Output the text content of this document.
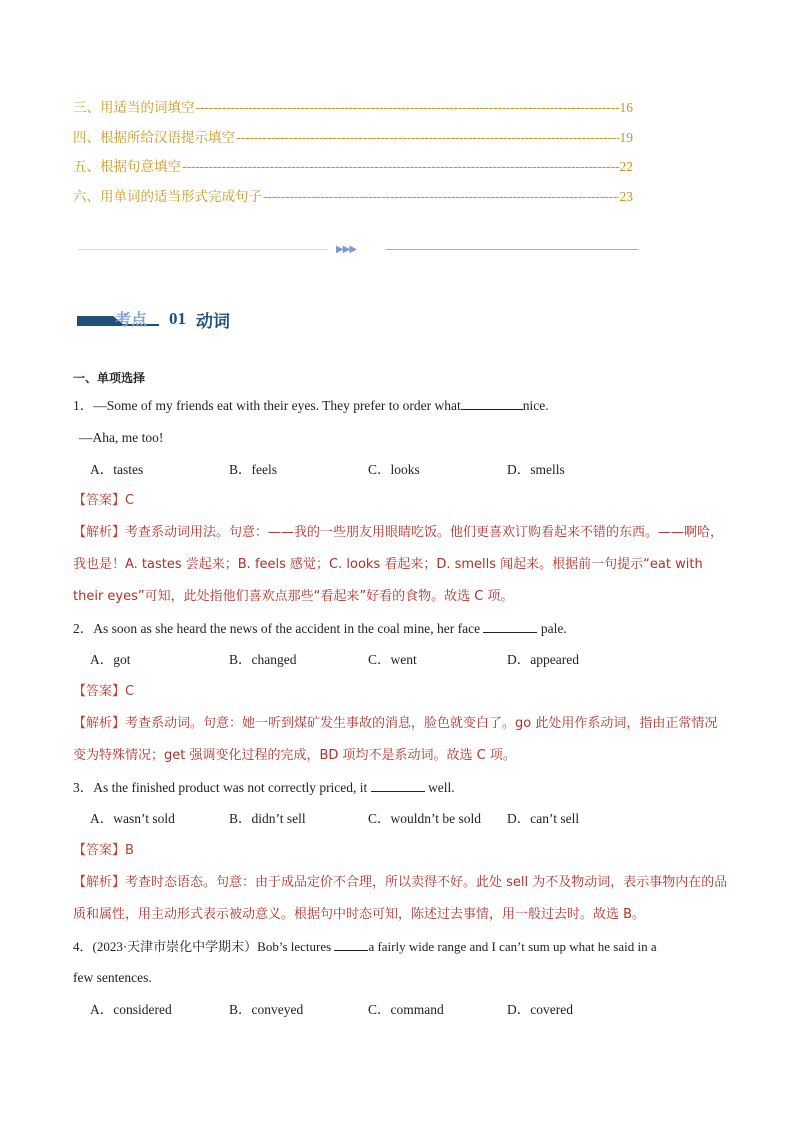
三、用适当的词填空 -----	16
四、根据所给汉语提示填空 -----	19
五、根据句意填空 -----	22
六、用单词的适当形式完成句子 -----	23
▶▶▶
考点 01 动词
一、单项选择
1．—Some of my friends eat with their eyes. They prefer to order what	nice.
—Aha, me too!
A．tastes	B．feels	C．looks	D．smells
【答案】C
【解析】考查系动词用法。句意：——我的一些朋友用眼睛吃饭。他们更喜欢订购看起来不错的东西。——啊哈，我也是！A. tastes 尝起来；B. feels 感觉；C. looks 看起来；D. smells 闻起来。根据前一句提示“eat with their eyes”可知，此处指他们喜欢点那些“看起来”好看的食物。故选 C 项。
2．As soon as she heard the news of the accident in the coal mine, her face	pale.
A．got	B．changed	C．went	D．appeared
【答案】C
【解析】考查系动词。句意：她一听到煤矿发生事故的消息，脸色就变白了。go 此处用作系动词，指由正常情况变为特殊情况；get 强调变化过程的完成，BD 项均不是系动词。故选 C 项。
3．As the finished product was not correctly priced, it	well.
A．wasn’t sold	B．didn’t sell	C．wouldn’t be sold	D．can’t sell
【答案】B
【解析】考查时态语态。句意：由于成品定价不合理，所以卖得不好。此处 sell 为不及物动词，表示事物内在的品质和属性，用主动形式表示被动意义。根据句中时态可知，陈述过去事情，用一般过去时。故选 B。
4．(2023·天津市崇化中学期末）Bob’s lectures	a fairly wide range and I can’t sum up what he said in a
few sentences.
A．considered	B．conveyed	C．command	D．covered
